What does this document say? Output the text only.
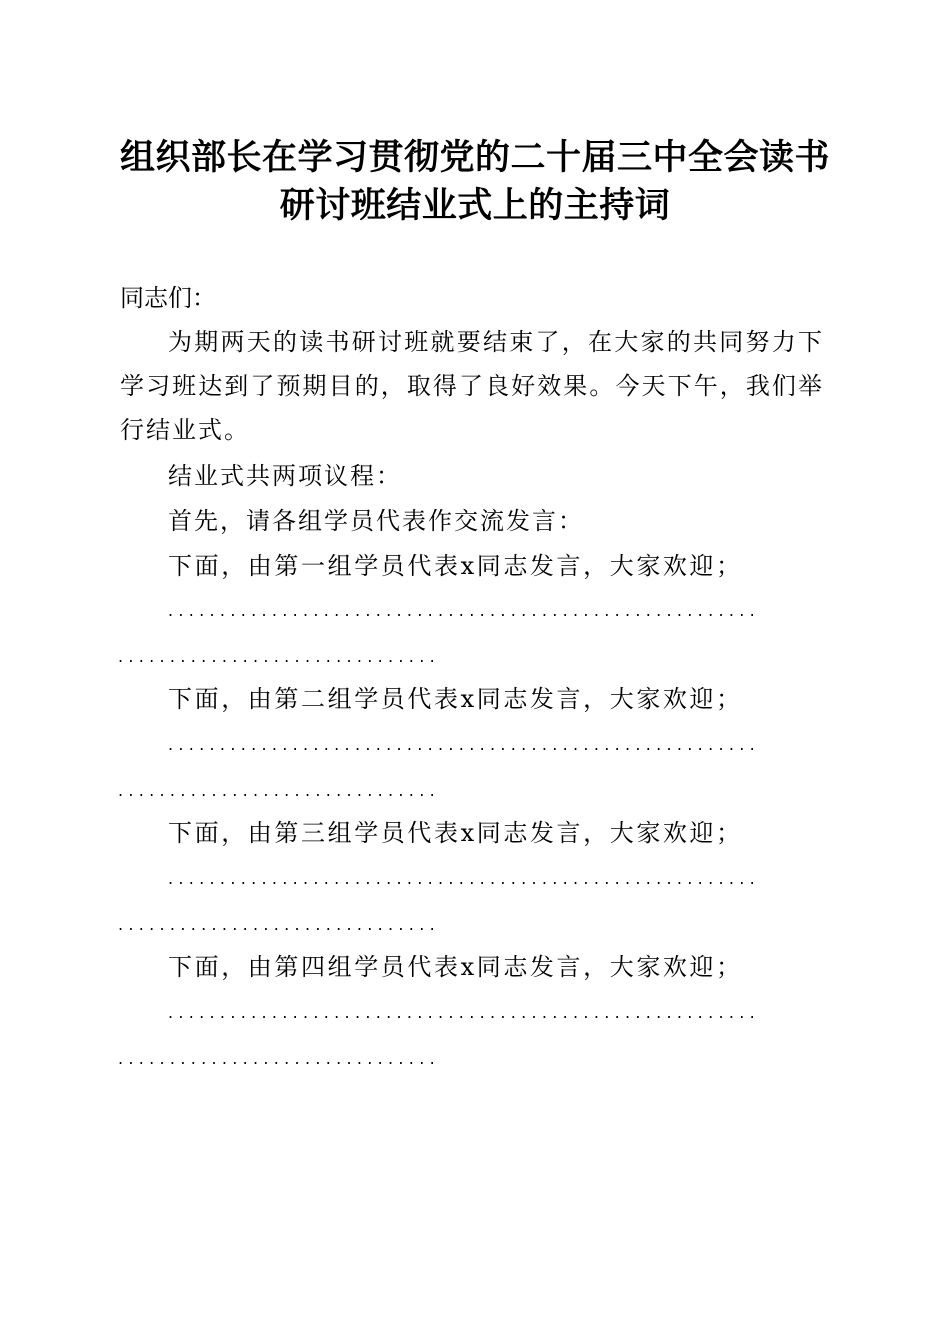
组织部长在学习贯彻党的二十届三中全会读书
研讨班结业式上的主持词

同志们：

为期两天的读书研讨班就要结束了，在大家的共同努力下

学习班达到了预期目的，取得了良好效果。今天下午，我们举

行结业式。

结业式共两项议程：

首先，请各组学员代表作交流发言：

下面，由第一组学员代表x同志发言，大家欢迎；

.........................................................

...............................

下面，由第二组学员代表x同志发言，大家欢迎；

.........................................................

...............................

下面，由第三组学员代表x同志发言，大家欢迎；

.........................................................

...............................

下面，由第四组学员代表x同志发言，大家欢迎；

.........................................................

...............................
